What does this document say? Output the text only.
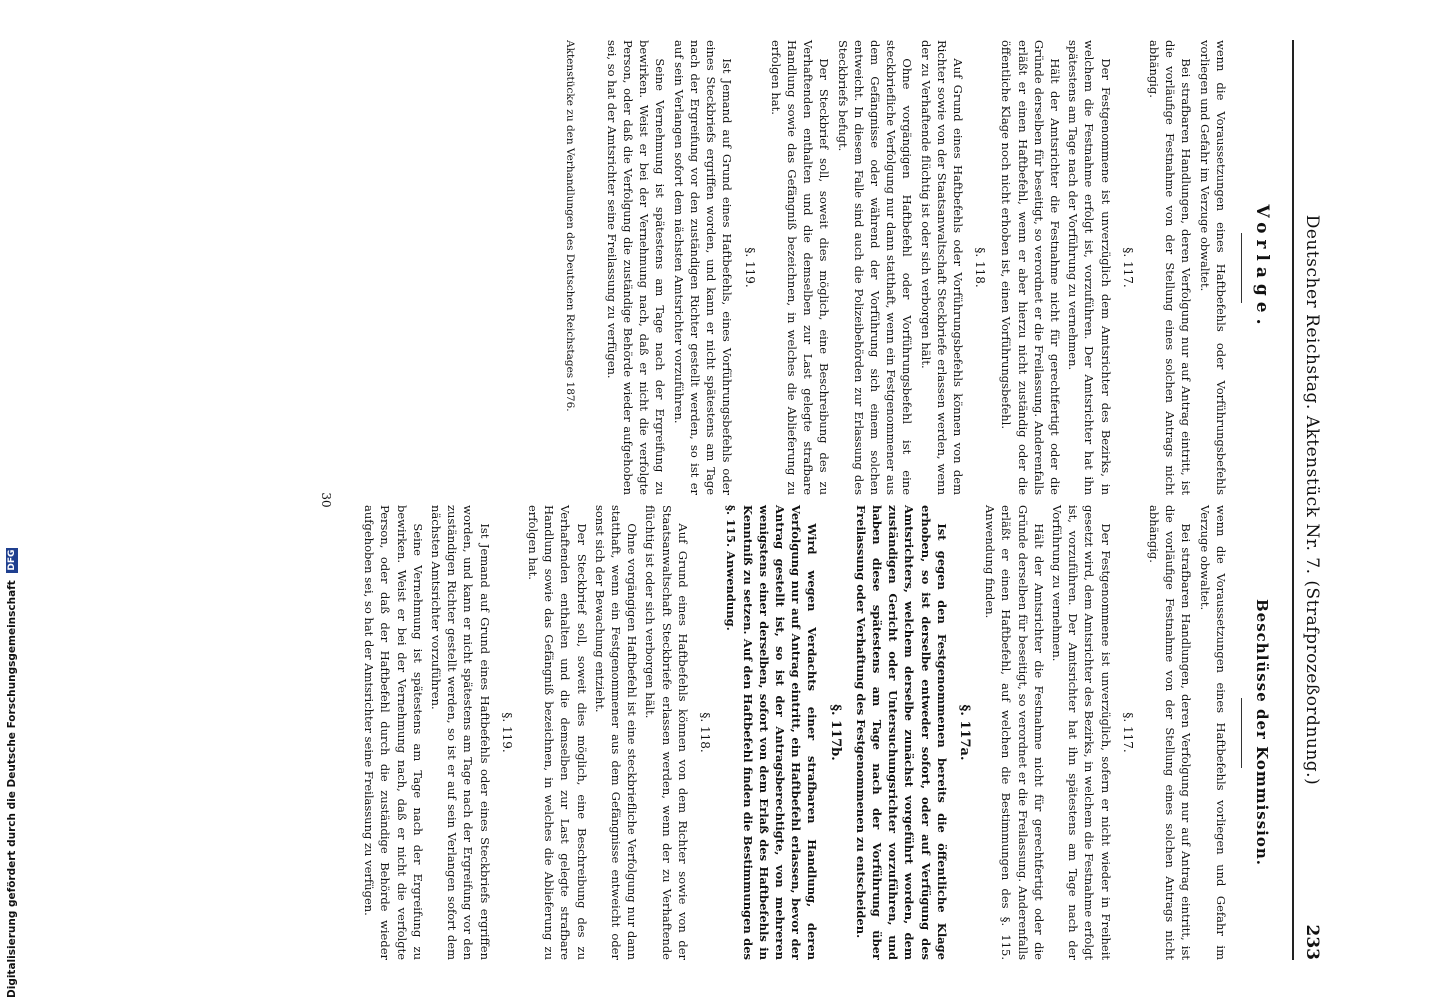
Deutscher Reichstag. Aktenstück Nr. 7. (Strafprozeßordnung.)
233
Vorlage.

wenn die Voraussetzungen eines Haftbefehls oder Vorführungsbefehls vorliegen und Gefahr im Verzuge obwaltet.

Bei strafbaren Handlungen, deren Verfolgung nur auf Antrag eintritt, ist die vorläufige Festnahme von der Stellung eines solchen Antrags nicht abhängig.

§. 117.

Der Festgenommene ist unverzüglich dem Amtsrichter des Bezirks, in welchem die Festnahme erfolgt ist, vorzuführen. Der Amtsrichter hat ihn spätestens am Tage nach der Vorführung zu vernehmen.

Hält der Amtsrichter die Festnahme nicht für gerechtfertigt oder die Gründe derselben für beseitigt, so verordnet er die Freilassung. Anderenfalls erläßt er einen Haftbefehl, wenn er aber hierzu nicht zuständig oder die öffentliche Klage noch nicht erhoben ist, einen Vorführungsbefehl.

§. 118.

Auf Grund eines Haftbefehls oder Vorführungsbefehls können von dem Richter sowie von der Staatsanwaltschaft Steckbriefe erlassen werden, wenn der zu Verhaftende flüchtig ist oder sich verborgen hält.

Ohne vorgängigen Haftbefehl oder Vorführungsbefehl ist eine steckbriefliche Verfolgung nur dann statthaft, wenn ein Festgenommener aus dem Gefängnisse oder während der Vorführung sich einem solchen entweicht. In diesem Falle sind auch die Polizeibehörden zur Erlassung des Steckbriefs befugt.

Der Steckbrief soll, soweit dies möglich, eine Beschreibung des zu Verhaftenden enthalten und die demselben zur Last gelegte strafbare Handlung sowie das Gefängniß bezeichnen, in welches die Ablieferung zu erfolgen hat.

§. 119.

Ist Jemand auf Grund eines Haftbefehls, eines Vorführungsbefehls oder eines Steckbriefs ergriffen worden, und kann er nicht spätestens am Tage nach der Ergreifung vor den zuständigen Richter gestellt werden, so ist er auf sein Verlangen sofort dem nächsten Amtsrichter vorzuführen.

Seine Vernehmung ist spätestens am Tage nach der Ergreifung zu bewirken. Weist er bei der Vernehmung nach, daß er nicht die verfolgte Person, oder daß die Verfolgung die zuständige Behörde wieder aufgehoben sei, so hat der Amtsrichter seine Freilassung zu verfügen.

Aktenstücke zu den Verhandlungen des Deutschen Reichstages 1876.

Beschlüsse der Kommission.

wenn die Voraussetzungen eines Haftbefehls vorliegen und Gefahr im Verzuge obwaltet.

Bei strafbaren Handlungen, deren Verfolgung nur auf Antrag eintritt, ist die vorläufige Festnahme von der Stellung eines solchen Antrags nicht abhängig.

§. 117.

Der Festgenommene ist unverzüglich, sofern er nicht wieder in Freiheit gesetzt wird, dem Amtsrichter des Bezirks, in welchem die Festnahme erfolgt ist, vorzuführen. Der Amtsrichter hat ihn spätestens am Tage nach der Vorführung zu vernehmen.

Hält der Amtsrichter die Festnahme nicht für gerechtfertigt oder die Gründe derselben für beseitigt, so verordnet er die Freilassung. Anderenfalls erläßt er einen Haftbefehl, auf welchen die Bestimmungen des §. 115. Anwendung finden.

§. 117a.

Ist gegen den Festgenommenen bereits die öffentliche Klage erhoben, so ist derselbe entweder sofort, oder auf Verfügung des Amtsrichters, welchem derselbe zunächst vorgeführt worden, dem zuständigen Gericht oder Untersuchungsrichter vorzuführen, und haben diese spätestens am Tage nach der Vorführung über Freilassung oder Verhaftung des Festgenommenen zu entscheiden.

§. 117b.

Wird wegen Verdachts einer strafbaren Handlung, deren Verfolgung nur auf Antrag eintritt, ein Haftbefehl erlassen, bevor der Antrag gestellt ist, so ist der Antragsberechtigte, von mehreren wenigstens einer derselben, sofort von dem Erlaß des Haftbefehls in Kenntniß zu setzen. Auf den Haftbefehl finden die Bestimmungen des §. 115. Anwendung.

§. 118.

Auf Grund eines Haftbefehls können von dem Richter sowie von der Staatsanwaltschaft Steckbriefe erlassen werden, wenn der zu Verhaftende flüchtig ist oder sich verborgen hält.

Ohne vorgängigen Haftbefehl ist eine steckbriefliche Verfolgung nur dann statthaft, wenn ein Festgenommener aus dem Gefängnisse entweicht oder sonst sich der Bewachung entzieht.

Der Steckbrief soll, soweit dies möglich, eine Beschreibung des zu Verhaftenden enthalten und die demselben zur Last gelegte strafbare Handlung sowie das Gefängniß bezeichnen, in welches die Ablieferung zu erfolgen hat.

§. 119.

Ist Jemand auf Grund eines Haftbefehls oder eines Steckbriefs ergriffen worden, und kann er nicht spätestens am Tage nach der Ergreifung vor den zuständigen Richter gestellt werden, so ist er auf sein Verlangen sofort dem nächsten Amtsrichter vorzuführen.

Seine Vernehmung ist spätestens am Tage nach der Ergreifung zu bewirken. Weist er bei der Vernehmung nach, daß er nicht die verfolgte Person, oder daß der Haftbefehl durch die zuständige Behörde wieder aufgehoben sei, so hat der Amtsrichter seine Freilassung zu verfügen.

30
Digitalisierung gefördert durch die Deutsche Forschungsgemeinschaft DFG
